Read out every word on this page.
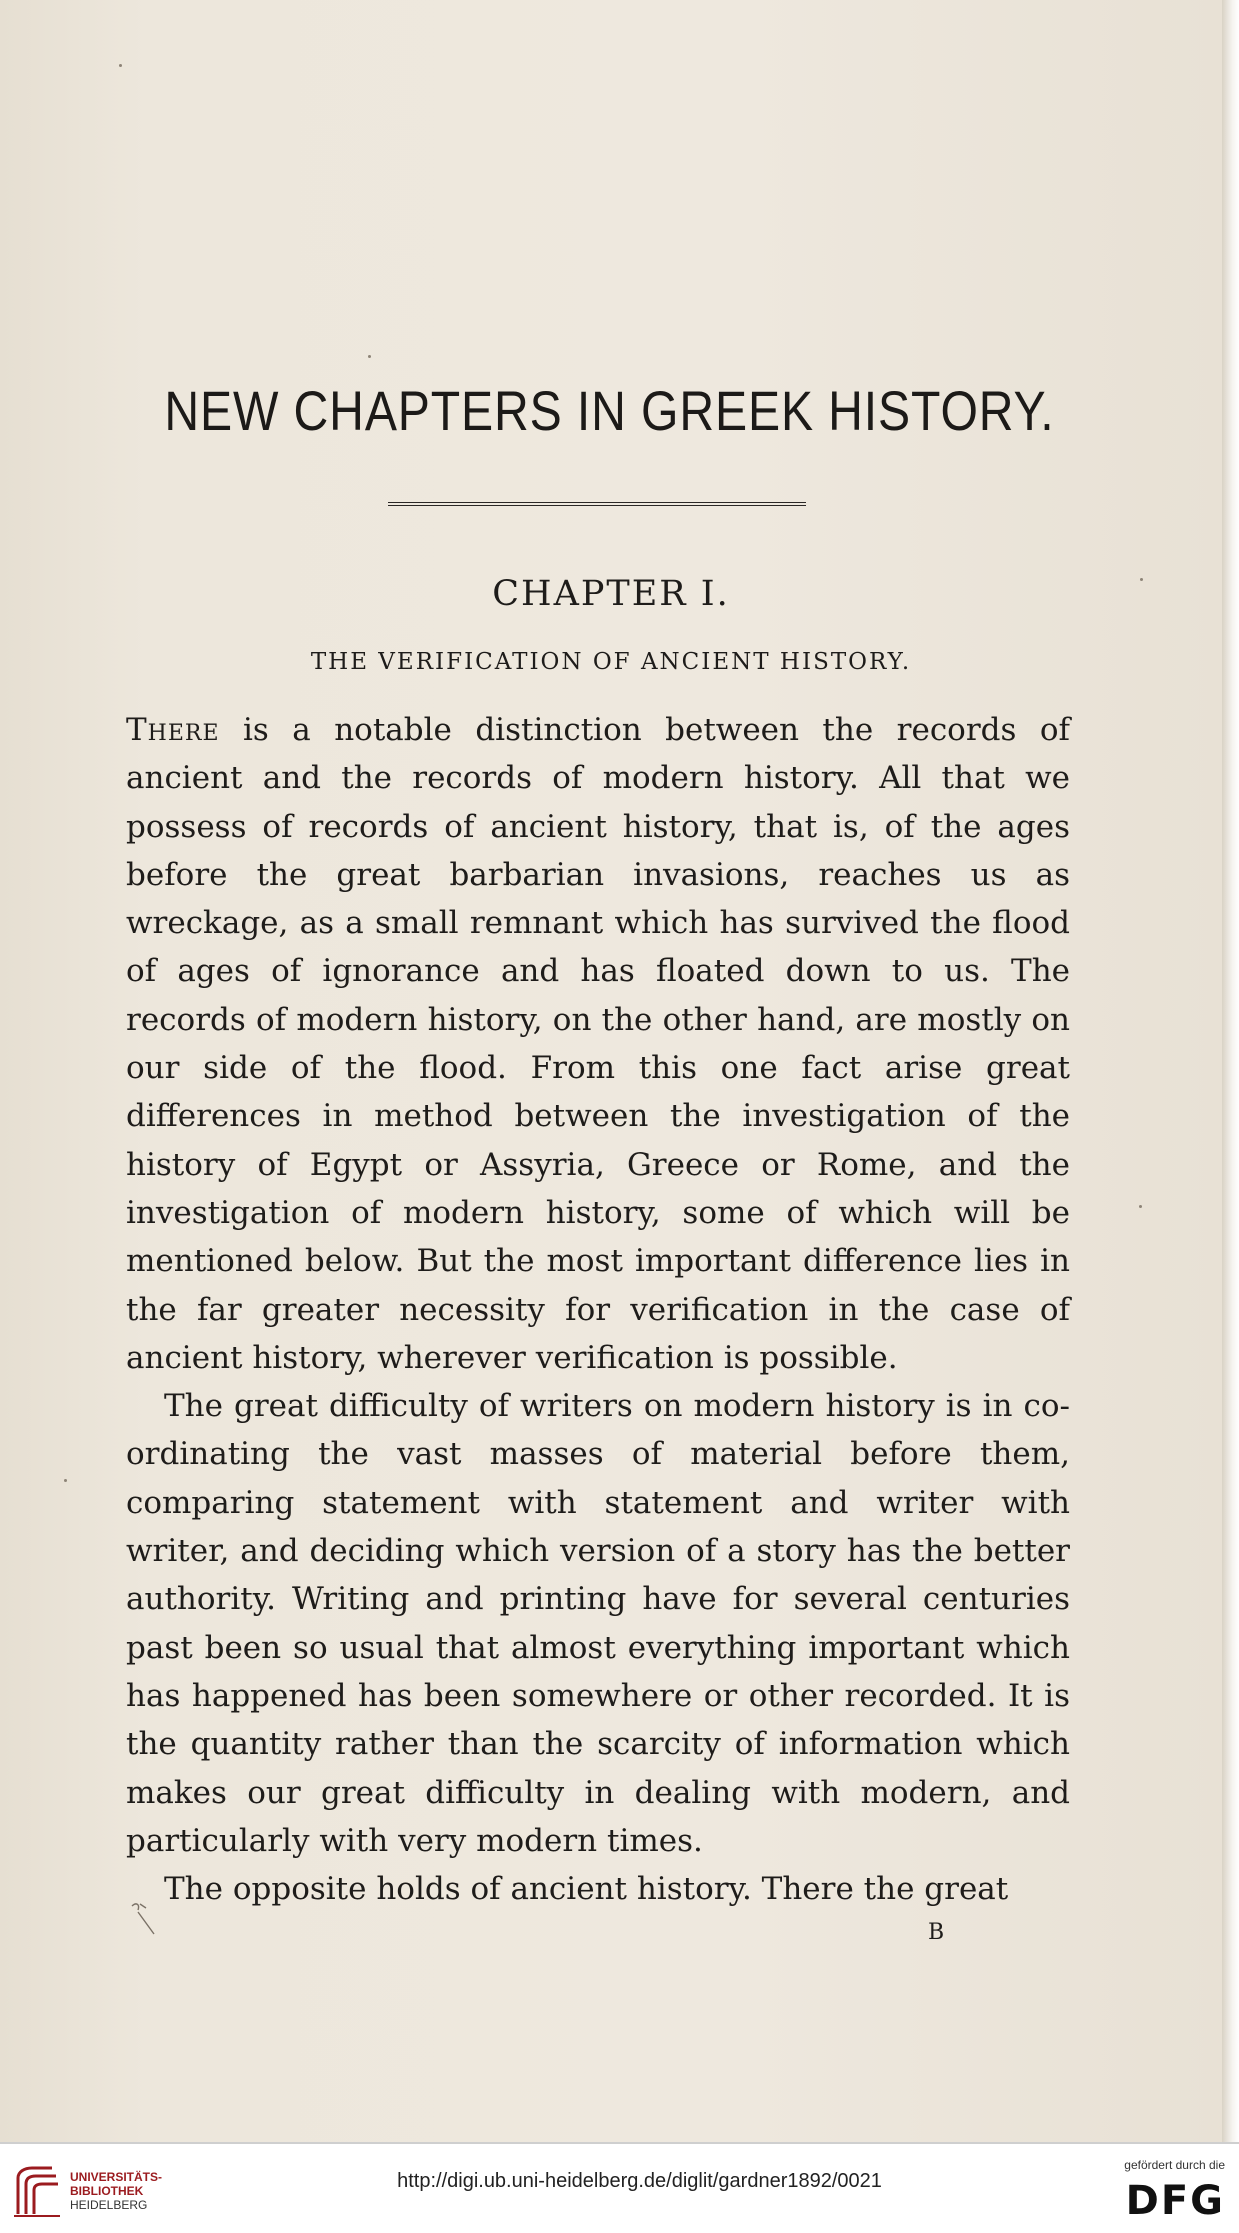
NEW CHAPTERS IN GREEK HISTORY.
CHAPTER I.
THE VERIFICATION OF ANCIENT HISTORY.

There is a notable distinction between the records of ancient and the records of modern history. All that we possess of records of ancient history, that is, of the ages before the great barbarian invasions, reaches us as wreckage, as a small remnant which has survived the flood of ages of ignorance and has floated down to us. The records of modern history, on the other hand, are mostly on our side of the flood. From this one fact arise great differences in method between the investigation of the history of Egypt or Assyria, Greece or Rome, and the investigation of modern history, some of which will be mentioned below. But the most important difference lies in the far greater necessity for verification in the case of ancient history, wherever verification is possible.

The great difficulty of writers on modern history is in co-ordinating the vast masses of material before them, comparing statement with statement and writer with writer, and deciding which version of a story has the better authority. Writing and printing have for several centuries past been so usual that almost everything important which has happened has been somewhere or other recorded. It is the quantity rather than the scarcity of information which makes our great difficulty in dealing with modern, and particularly with very modern times.

The opposite holds of ancient history. There the great

B
UNIVERSITÄTS-
BIBLIOTHEK
HEIDELBERG
http://digi.ub.uni-heidelberg.de/diglit/gardner1892/0021
gefördert durch die
DFG
